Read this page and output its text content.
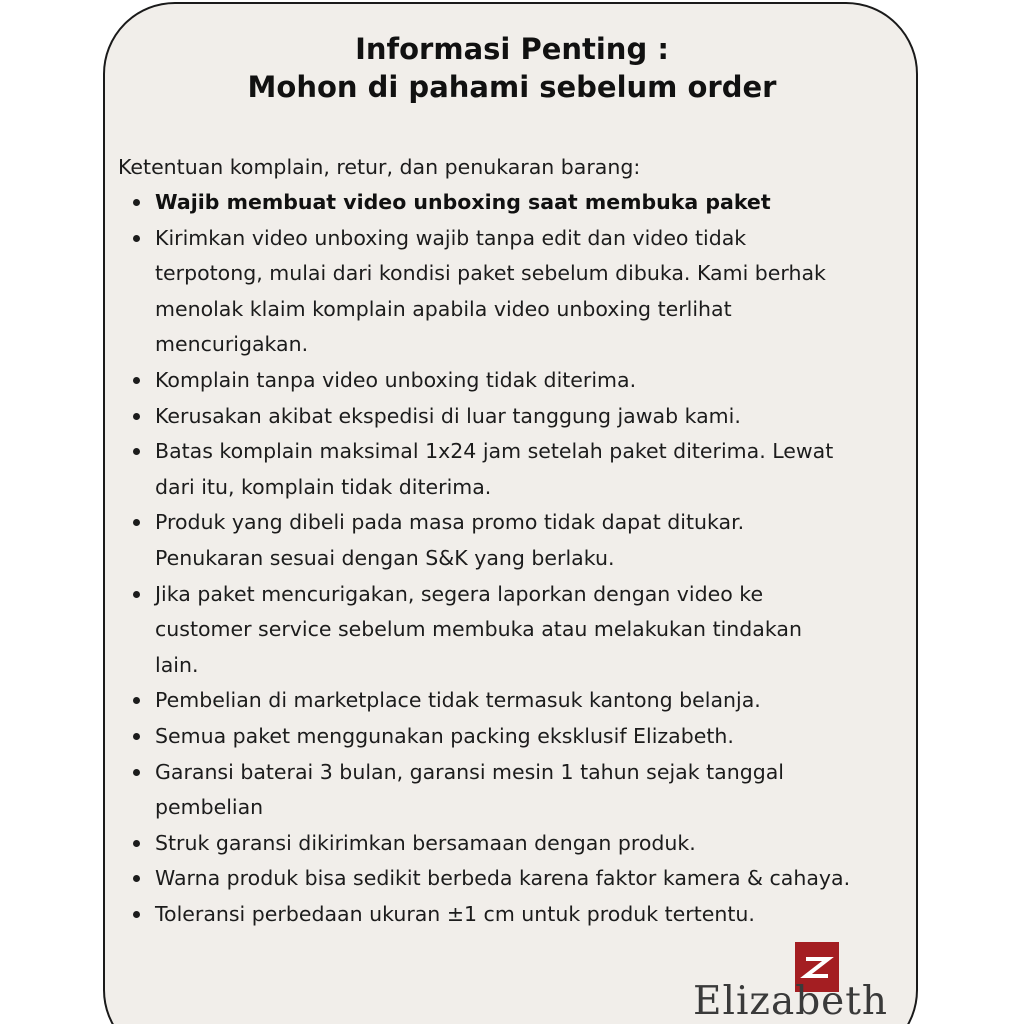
Informasi Penting :
Mohon di pahami sebelum order
Ketentuan komplain, retur, dan penukaran barang:
Wajib membuat video unboxing saat membuka paket
Kirimkan video unboxing wajib tanpa edit dan video tidak
terpotong, mulai dari kondisi paket sebelum dibuka. Kami berhak
menolak klaim komplain apabila video unboxing terlihat
mencurigakan.
Komplain tanpa video unboxing tidak diterima.
Kerusakan akibat ekspedisi di luar tanggung jawab kami.
Batas komplain maksimal 1x24 jam setelah paket diterima. Lewat
dari itu, komplain tidak diterima.
Produk yang dibeli pada masa promo tidak dapat ditukar.
Penukaran sesuai dengan S&K yang berlaku.
Jika paket mencurigakan, segera laporkan dengan video ke
customer service sebelum membuka atau melakukan tindakan
lain.
Pembelian di marketplace tidak termasuk kantong belanja.
Semua paket menggunakan packing eksklusif Elizabeth.
Garansi baterai 3 bulan, garansi mesin 1 tahun sejak tanggal
pembelian
Struk garansi dikirimkan bersamaan dengan produk.
Warna produk bisa sedikit berbeda karena faktor kamera & cahaya.
Toleransi perbedaan ukuran ±1 cm untuk produk tertentu.
Elizabeth
